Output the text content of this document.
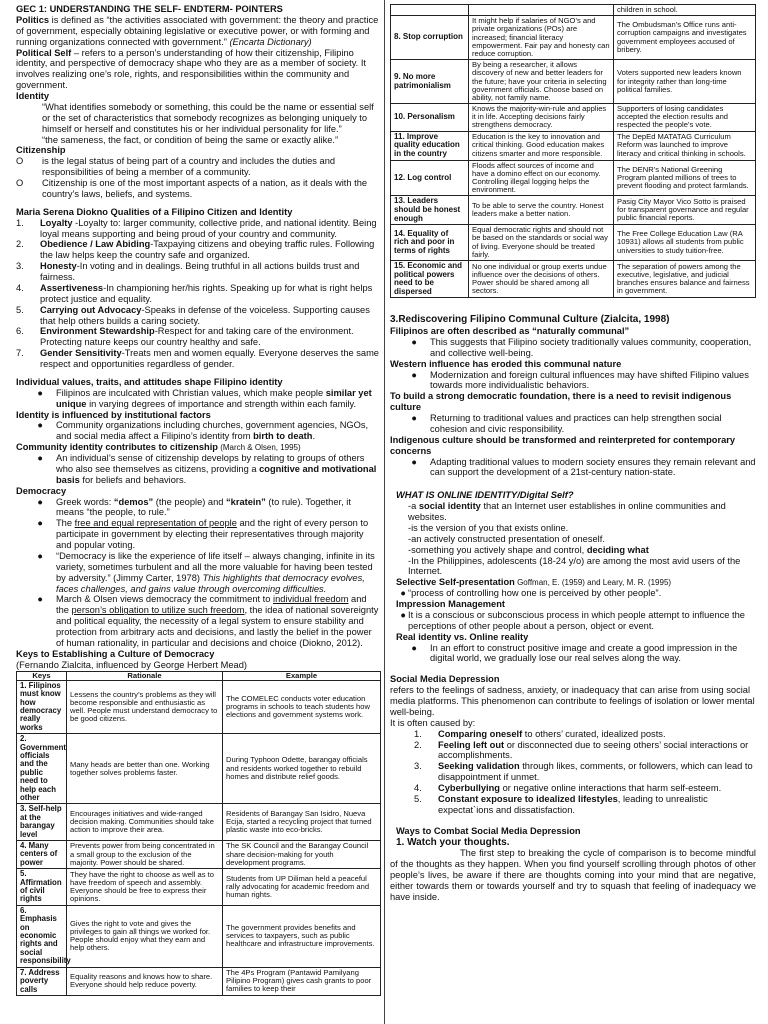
GEC 1: UNDERSTANDING THE SELF- ENDTERM- POINTERS

Politics is defined as “the activities associated with government: the theory and practice of government, especially obtaining legislative or executive power, or with forming and running organizations connected with government.” (Encarta Dictionary)

Political Self – refers to a person’s understanding of how their citizenship, Filipino identity, and perspective of democracy shape who they are as a member of society. It involves realizing one’s role, rights, and responsibilities within the community and government.

Identity

“What identifies somebody or something, this could be the name or essential self or the set of characteristics that somebody recognizes as belonging uniquely to himself or herself and constitutes his or her individual personality for life.”

“the sameness, the fact, or condition of being the same or exactly alike.”

Citizenship

O	is the legal status of being part of a country and includes the duties and responsibilities of being a member of a community.
O	Citizenship is one of the most important aspects of a nation, as it deals with the country’s laws, beliefs, and systems.

Maria Serena Diokno Qualities of a Filipino Citizen and Identity

1.	Loyalty -Loyalty to: larger community, collective pride, and national identity. Being loyal means supporting and being proud of your country and community.
2.	Obedience / Law Abiding-Taxpaying citizens and obeying traffic rules. Following the law helps keep the country safe and organized.
3.	Honesty-In voting and in dealings. Being truthful in all actions builds trust and fairness.
4.	Assertiveness-In championing her/his rights. Speaking up for what is right helps protect justice and equality.
5.	Carrying out Advocacy-Speaks in defense of the voiceless. Supporting causes that help others builds a caring society.
6.	Environment Stewardship-Respect for and taking care of the environment. Protecting nature keeps our country healthy and safe.
7.	Gender Sensitivity-Treats men and women equally. Everyone deserves the same respect and opportunities regardless of gender.

Individual values, traits, and attitudes shape Filipino identity

●	Filipinos are inculcated with Christian values, which make people similar yet unique in varying degrees of importance and strength within each family.

Identity is influenced by institutional factors

●	Community organizations including churches, government agencies, NGOs, and social media affect a Filipino’s identity from birth to death.

Community identity contributes to citizenship (March & Olsen, 1995)

●	An individual’s sense of citizenship develops by relating to groups of others who also see themselves as citizens, providing a cognitive and motivational basis for beliefs and behaviors.

Democracy

●	Greek words: “demos” (the people) and “kratein” (to rule). Together, it means “the people, to rule.”
●	The free and equal representation of people and the right of every person to participate in government by electing their representatives through majority and popular voting.
●	“Democracy is like the experience of life itself – always changing, infinite in its variety, sometimes turbulent and all the more valuable for having been tested by adversity.” (Jimmy Carter, 1978) This highlights that democracy evolves, faces challenges, and gains value through overcoming difficulties.
●	March & Olsen views democracy the commitment to individual freedom and the person’s obligation to utilize such freedom, the idea of national sovereignty and political equality, the necessity of a legal system to ensure stability and protection from arbitrary acts and decisions, and lastly the belief in the power of human rationality, in particular and decisions and choice (Diokno, 2012).

Keys to Establishing a Culture of Democracy

(Fernando Zialcita, influenced by George Herbert Mead)

Keys	Rationale	Example
1. Filipinos must know how democracy really works	Lessens the country’s problems as they will become responsible and enthusiastic as well. People must understand democracy to be good citizens.	The COMELEC conducts voter education programs in schools to teach students how elections and government systems work.
2. Government officials and the public need to help each other	Many heads are better than one. Working together solves problems faster.	During Typhoon Odette, barangay officials and residents worked together to rebuild homes and distribute relief goods.
3. Self-help at the barangay level	Encourages initiatives and wide-ranged decision making. Communities should take action to improve their area.	Residents of Barangay San Isidro, Nueva Ecija, started a recycling project that turned plastic waste into eco-bricks.
4. Many centers of power	Prevents power from being concentrated in a small group to the exclusion of the majority. Power should be shared.	The SK Council and the Barangay Council share decision-making for youth development programs.
5. Affirmation of civil rights	They have the right to choose as well as to have freedom of speech and assembly. Everyone should be free to express their opinions.	Students from UP Diliman held a peaceful rally advocating for academic freedom and human rights.
6. Emphasis on economic rights and social responsibility	Gives the right to vote and gives the privileges to gain all things we worked for. People should enjoy what they earn and help others.	The government provides benefits and services to taxpayers, such as public healthcare and infrastructure improvements.
7. Address poverty calls	Equality reasons and knows how to share. Everyone should help reduce poverty.	The 4Ps Program (Pantawid Pamilyang Pilipino Program) gives cash grants to poor families to keep their
		children in school.
8. Stop corruption	It might help if salaries of NGO’s and private organizations (POs) are increased; financial literacy empowerment. Fair pay and honesty can reduce corruption.	The Ombudsman’s Office runs anti-corruption campaigns and investigates government employees accused of bribery.
9. No more patrimonialism	By being a researcher, it allows discovery of new and better leaders for the future; have your criteria in selecting government officials. Choose based on ability, not family name.	Voters supported new leaders known for integrity rather than long-time political families.
10. Personalism	Knows the majority-win-rule and applies it in life. Accepting decisions fairly strengthens democracy.	Supporters of losing candidates accepted the election results and respected the people’s vote.
11. Improve quality education in the country	Education is the key to innovation and critical thinking. Good education makes citizens smarter and more responsible.	The DepEd MATATAG Curriculum Reform was launched to improve literacy and critical thinking in schools.
12. Log control	Floods affect sources of income and have a domino effect on our economy. Controlling illegal logging helps the environment.	The DENR’s National Greening Program planted millions of trees to prevent flooding and protect farmlands.
13. Leaders should be honest enough	To be able to serve the country. Honest leaders make a better nation.	Pasig City Mayor Vico Sotto is praised for transparent governance and regular public financial reports.
14. Equality of rich and poor in terms of rights	Equal democratic rights and should not be based on the standards or social way of living. Everyone should be treated fairly.	The Free College Education Law (RA 10931) allows all students from public universities to study tuition-free.
15. Economic and political powers need to be dispersed	No one individual or group exerts undue influence over the decisions of others. Power should be shared among all sectors.	The separation of powers among the executive, legislative, and judicial branches ensures balance and fairness in government.

3.Rediscovering Filipino Communal Culture (Zialcita, 1998)

Filipinos are often described as “naturally communal”

●	This suggests that Filipino society traditionally values community, cooperation, and collective well-being.

Western influence has eroded this communal nature

●	Modernization and foreign cultural influences may have shifted Filipino values towards more individualistic behaviors.

To build a strong democratic foundation, there is a need to revisit indigenous culture

●	Returning to traditional values and practices can help strengthen social cohesion and civic responsibility.

Indigenous culture should be transformed and reinterpreted for contemporary concerns

●	Adapting traditional values to modern society ensures they remain relevant and can support the development of a 21st-century nation-state.

WHAT IS ONLINE IDENTITY/Digital Self?

-a social identity that an Internet user establishes in online communities and websites.

-is the version of you that exists online.

-an actively constructed presentation of oneself.

-something you actively shape and control, deciding what

-In the Philippines, adolescents (18-24 y/o) are among the most avid users of the Internet.

Selective Self-presentation Goffman, E. (1959) and Leary, M. R. (1995)

● “process of controlling how one is perceived by other people”.

Impression Management

● It is a conscious or subconscious process in which people attempt to influence the perceptions of other people about a person, object or event.

Real identity vs. Online reality

●	In an effort to construct positive image and create a good impression in the digital world, we gradually lose our real selves along the way.

Social Media Depression

refers to the feelings of sadness, anxiety, or inadequacy that can arise from using social media platforms. This phenomenon can contribute to feelings of isolation or lower mental well-being.

It is often caused by:

1.	Comparing oneself to others’ curated, idealized posts.
2.	Feeling left out or disconnected due to seeing others’ social interactions or accomplishments.
3.	Seeking validation through likes, comments, or followers, which can lead to disappointment if unmet.
4.	Cyberbullying or negative online interactions that harm self-esteem.
5.	Constant exposure to idealized lifestyles, leading to unrealistic expectat`ions and dissatisfaction.

Ways to Combat Social Media Depression

1. Watch your thoughts.

The first step to breaking the cycle of comparison is to become mindful of the thoughts as they happen. When you find yourself scrolling through photos of other people’s lives, be aware if there are thoughts coming into your mind that are negative, either towards them or towards yourself and try to squash that feeling of inadequacy we have inside.
